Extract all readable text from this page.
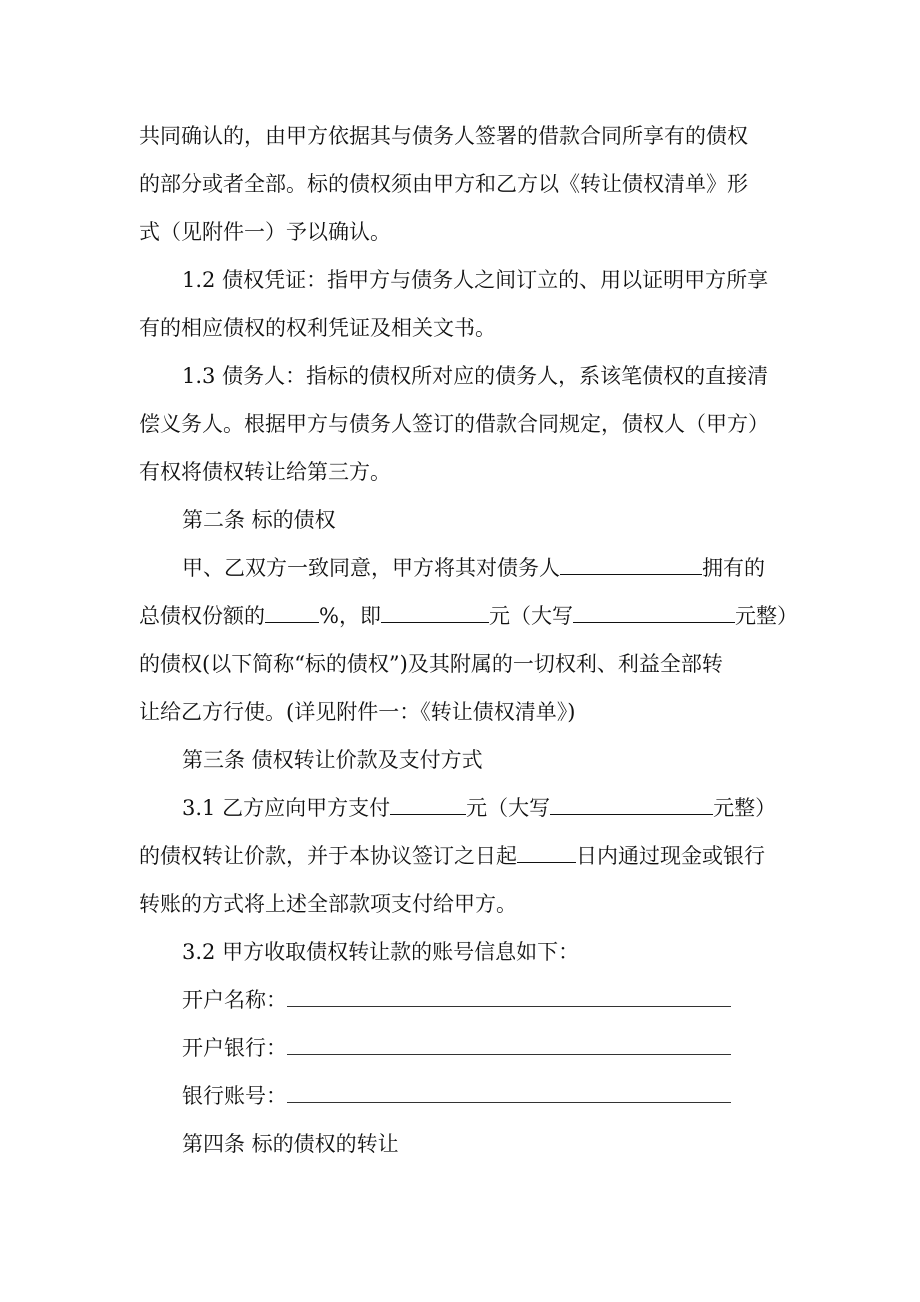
共同确认的，由甲方依据其与债务人签署的借款合同所享有的债权
的部分或者全部。标的债权须由甲方和乙方以《转让债权清单》形
式（见附件一）予以确认。
1.2 债权凭证：指甲方与债务人之间订立的、用以证明甲方所享
有的相应债权的权利凭证及相关文书。
1.3 债务人：指标的债权所对应的债务人，系该笔债权的直接清
偿义务人。根据甲方与债务人签订的借款合同规定，债权人（甲方）
有权将债权转让给第三方。
第二条 标的债权
甲、乙双方一致同意，甲方将其对债务人	拥有的
总债权份额的	%，即	元（大写	元整）
的债权(以下简称“标的债权”)及其附属的一切权利、利益全部转
让给乙方行使。(详见附件一：《转让债权清单》)
第三条 债权转让价款及支付方式
3.1 乙方应向甲方支付	元（大写	元整）
的债权转让价款，并于本协议签订之日起	日内通过现金或银行
转账的方式将上述全部款项支付给甲方。
3.2 甲方收取债权转让款的账号信息如下：
开户名称：
开户银行：
银行账号：
第四条 标的债权的转让
